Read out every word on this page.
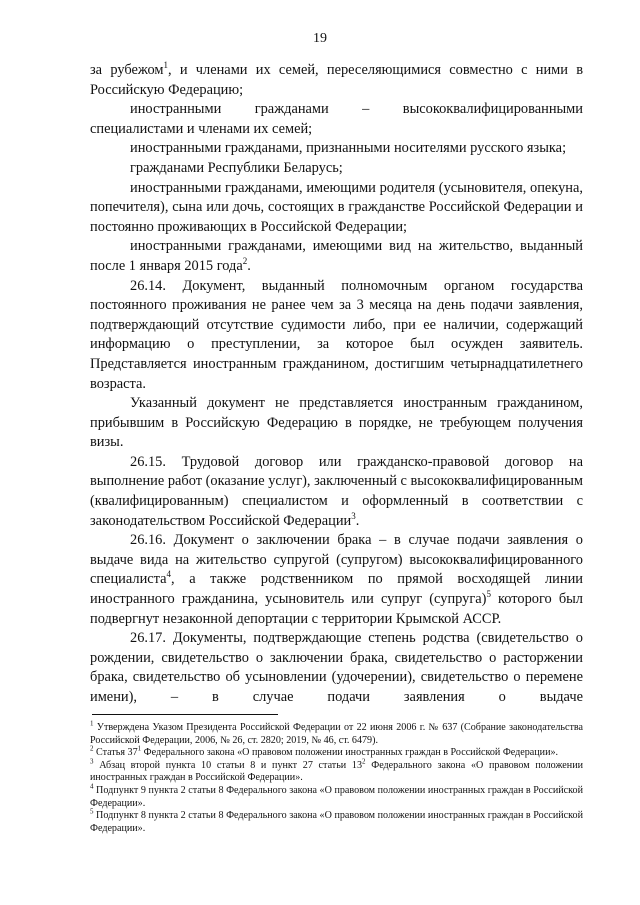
19

за рубежом$^1$, и членами их семей, переселяющимися совместно с ними в Российскую Федерацию;

иностранными гражданами – высококвалифицированными специалистами и членами их семей;

иностранными гражданами, признанными носителями русского языка;

гражданами Республики Беларусь;

иностранными гражданами, имеющими родителя (усыновителя, опекуна, попечителя), сына или дочь, состоящих в гражданстве Российской Федерации и постоянно проживающих в Российской Федерации;

иностранными гражданами, имеющими вид на жительство, выданный после 1 января 2015 года$^2$.

26.14. Документ, выданный полномочным органом государства постоянного проживания не ранее чем за 3 месяца на день подачи заявления, подтверждающий отсутствие судимости либо, при ее наличии, содержащий информацию о преступлении, за которое был осужден заявитель. Представляется иностранным гражданином, достигшим четырнадцатилетнего возраста.

Указанный документ не представляется иностранным гражданином, прибывшим в Российскую Федерацию в порядке, не требующем получения визы.

26.15. Трудовой договор или гражданско-правовой договор на выполнение работ (оказание услуг), заключенный с высококвалифицированным (квалифицированным) специалистом и оформленный в соответствии с законодательством Российской Федерации$^3$.

26.16. Документ о заключении брака – в случае подачи заявления о выдаче вида на жительство супругой (супругом) высококвалифицированного специалиста$^4$, а также родственником по прямой восходящей линии иностранного гражданина, усыновитель или супруг (супруга)$^5$ которого был подвергнут незаконной депортации с территории Крымской АССР.

26.17. Документы, подтверждающие степень родства (свидетельство о рождении, свидетельство о заключении брака, свидетельство о расторжении брака, свидетельство об усыновлении (удочерении), свидетельство о перемене имени), – в случае подачи заявления о выдаче

$^1$ Утверждена Указом Президента Российской Федерации от 22 июня 2006 г. № 637 (Собрание законодательства Российской Федерации, 2006, № 26, ст. 2820; 2019, № 46, ст. 6479).

$^2$ Статья $37^1$ Федерального закона «О правовом положении иностранных граждан в Российской Федерации».

$^3$ Абзац второй пункта 10 статьи 8 и пункт 27 статьи $13^2$ Федерального закона «О правовом положении иностранных граждан в Российской Федерации».

$^4$ Подпункт 9 пункта 2 статьи 8 Федерального закона «О правовом положении иностранных граждан в Российской Федерации».

$^5$ Подпункт 8 пункта 2 статьи 8 Федерального закона «О правовом положении иностранных граждан в Российской Федерации».
